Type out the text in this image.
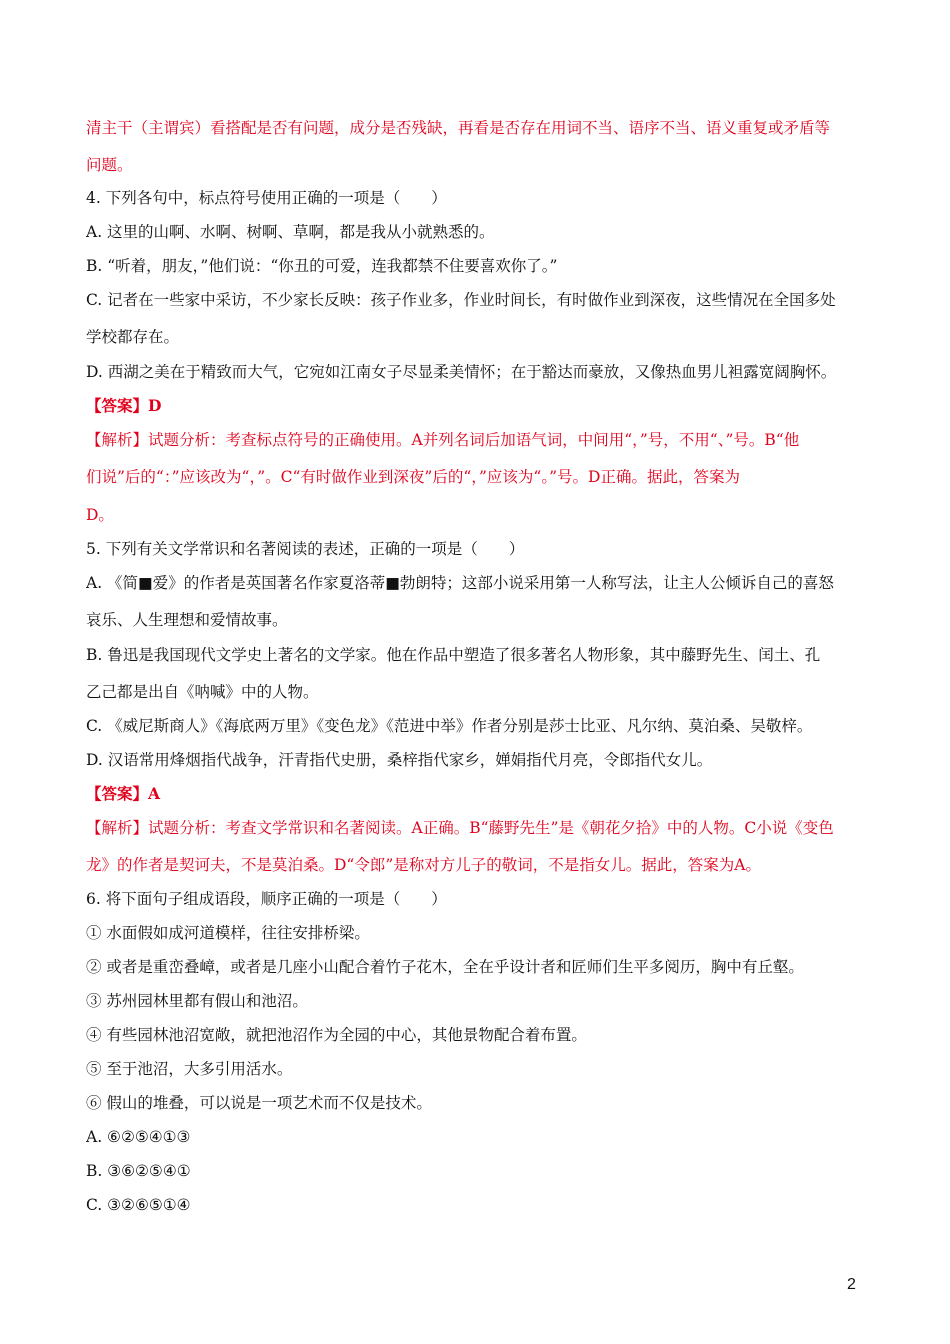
清主干（主谓宾）看搭配是否有问题，成分是否残缺，再看是否存在用词不当、语序不当、语义重复或矛盾等
问题。
4. 下列各句中，标点符号使用正确的一项是（　　）
A. 这里的山啊、水啊、树啊、草啊，都是我从小就熟悉的。
B. “听着，朋友，”他们说：“你丑的可爱，连我都禁不住要喜欢你了。”
C. 记者在一些家中采访，不少家长反映：孩子作业多，作业时间长，有时做作业到深夜，这些情况在全国多处
学校都存在。
D. 西湖之美在于精致而大气，它宛如江南女子尽显柔美情怀；在于豁达而豪放，又像热血男儿袒露宽阔胸怀。
【答案】D
【解析】试题分析：考查标点符号的正确使用。A并列名词后加语气词，中间用“，”号，不用“、”号。B“他
们说”后的“：”应该改为“，”。C“有时做作业到深夜”后的“，”应该为“。”号。D正确。据此，答案为
D。
5. 下列有关文学常识和名著阅读的表述，正确的一项是（　　）
A. 《简■爱》的作者是英国著名作家夏洛蒂■勃朗特；这部小说采用第一人称写法，让主人公倾诉自己的喜怒
哀乐、人生理想和爱情故事。
B. 鲁迅是我国现代文学史上著名的文学家。他在作品中塑造了很多著名人物形象，其中藤野先生、闰土、孔
乙己都是出自《呐喊》中的人物。
C. 《威尼斯商人》《海底两万里》《变色龙》《范进中举》作者分别是莎士比亚、凡尔纳、莫泊桑、吴敬梓。
D. 汉语常用烽烟指代战争，汗青指代史册，桑梓指代家乡，婵娟指代月亮，令郎指代女儿。
【答案】A
【解析】试题分析：考查文学常识和名著阅读。A正确。B“藤野先生”是《朝花夕拾》中的人物。C小说《变色
龙》的作者是契诃夫，不是莫泊桑。D“令郎”是称对方儿子的敬词，不是指女儿。据此，答案为A。
6. 将下面句子组成语段，顺序正确的一项是（　　）
① 水面假如成河道模样，往往安排桥梁。
② 或者是重峦叠嶂，或者是几座小山配合着竹子花木，全在乎设计者和匠师们生平多阅历，胸中有丘壑。
③ 苏州园林里都有假山和池沼。
④ 有些园林池沼宽敞，就把池沼作为全园的中心，其他景物配合着布置。
⑤ 至于池沼，大多引用活水。
⑥ 假山的堆叠，可以说是一项艺术而不仅是技术。
A. ⑥②⑤④①③
B. ③⑥②⑤④①
C. ③②⑥⑤①④
2
